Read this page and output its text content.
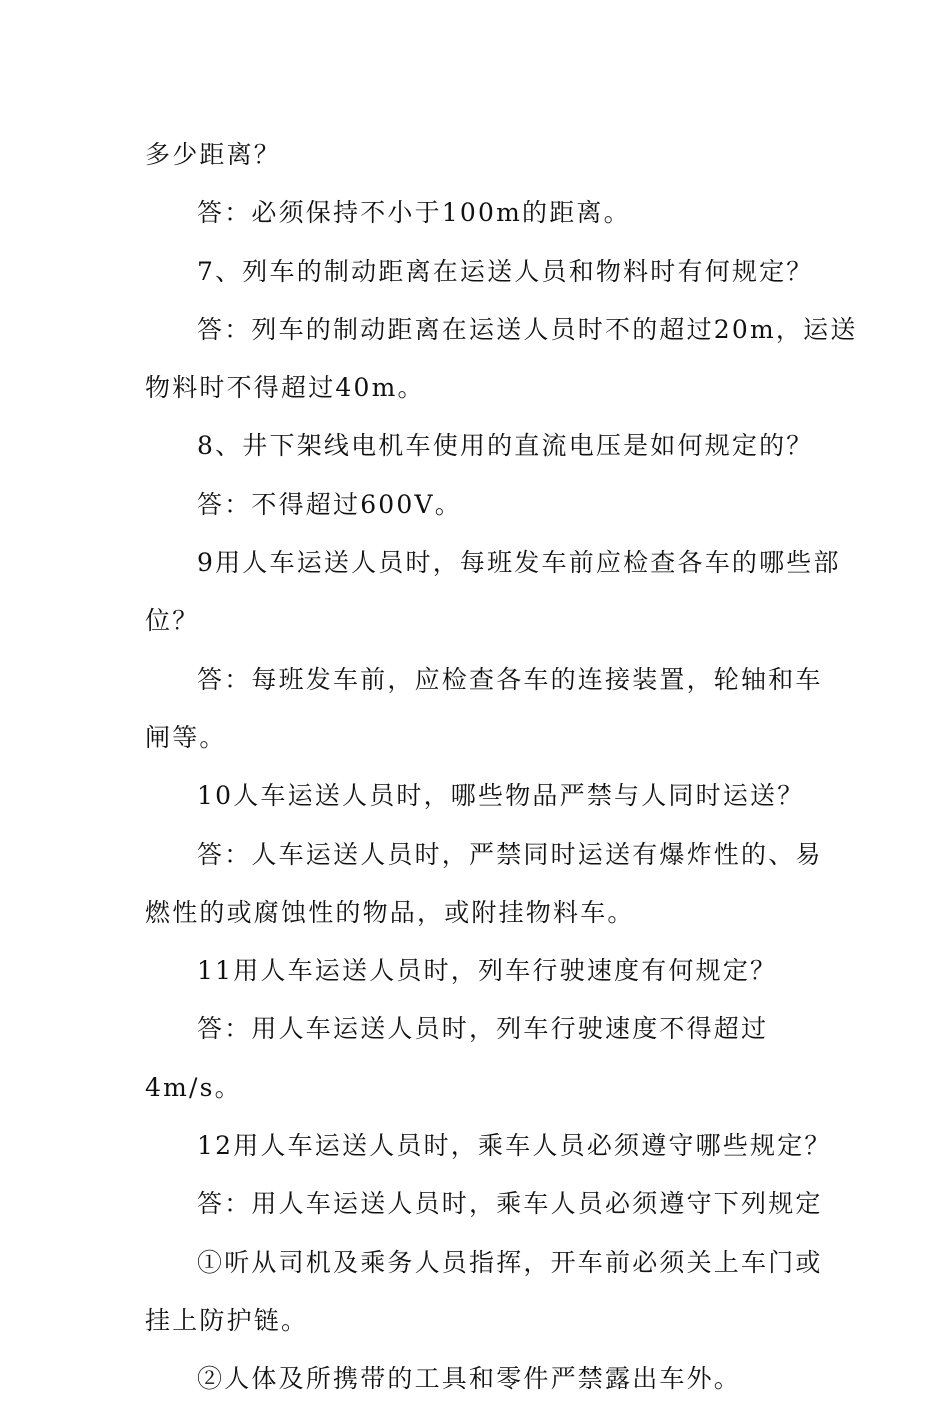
多少距离？
答：必须保持不小于100m的距离。
7、列车的制动距离在运送人员和物料时有何规定？
答：列车的制动距离在运送人员时不的超过20m，运送
物料时不得超过40m。
8、井下架线电机车使用的直流电压是如何规定的？
答：不得超过600V。
9用人车运送人员时，每班发车前应检查各车的哪些部
位？
答：每班发车前，应检查各车的连接装置，轮轴和车
闸等。
10人车运送人员时，哪些物品严禁与人同时运送？
答：人车运送人员时，严禁同时运送有爆炸性的、易
燃性的或腐蚀性的物品，或附挂物料车。
11用人车运送人员时，列车行驶速度有何规定？
答：用人车运送人员时，列车行驶速度不得超过
4m/s。
12用人车运送人员时，乘车人员必须遵守哪些规定？
答：用人车运送人员时，乘车人员必须遵守下列规定
①听从司机及乘务人员指挥，开车前必须关上车门或
挂上防护链。
②人体及所携带的工具和零件严禁露出车外。
